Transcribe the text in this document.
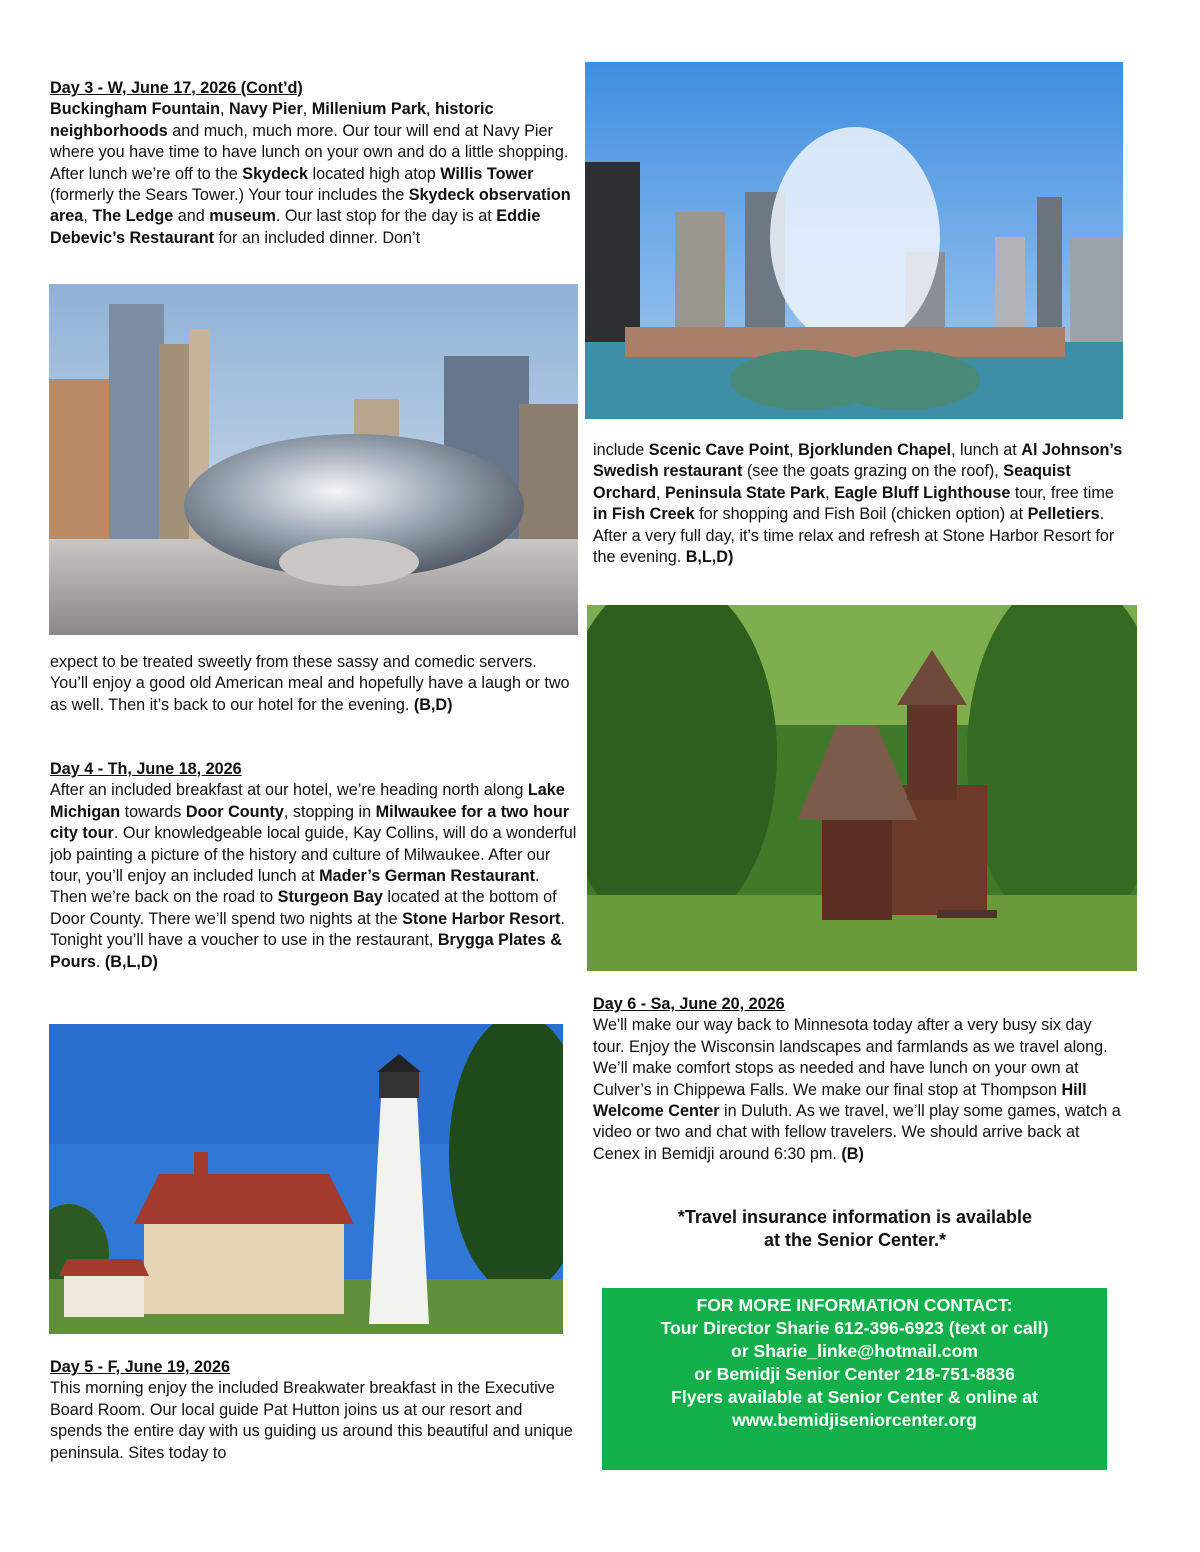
Day 3 - W, June 17, 2026 (Cont’d)
Buckingham Fountain, Navy Pier, Millenium Park, historic neighborhoods and much, much more. Our tour will end at Navy Pier where you have time to have lunch on your own and do a little shopping. After lunch we’re off to the Skydeck located high atop Willis Tower (formerly the Sears Tower.) Your tour includes the Skydeck observation area, The Ledge and museum. Our last stop for the day is at Eddie Debevic’s Restaurant for an included dinner. Don’t
expect to be treated sweetly from these sassy and comedic servers. You’ll enjoy a good old American meal and hopefully have a laugh or two as well. Then it’s back to our hotel for the evening. (B,D)
Day 4 - Th, June 18, 2026
After an included breakfast at our hotel, we’re heading north along Lake Michigan towards Door County, stopping in Milwaukee for a two hour city tour. Our knowledgeable local guide, Kay Collins, will do a wonderful job painting a picture of the history and culture of Milwaukee. After our tour, you’ll enjoy an included lunch at Mader’s German Restaurant. Then we’re back on the road to Sturgeon Bay located at the bottom of Door County. There we’ll spend two nights at the Stone Harbor Resort. Tonight you’ll have a voucher to use in the restaurant, Brygga Plates & Pours. (B,L,D)
Day 5 - F, June 19, 2026
This morning enjoy the included Breakwater breakfast in the Executive Board Room. Our local guide Pat Hutton joins us at our resort and spends the entire day with us guiding us around this beautiful and unique peninsula. Sites today to
include Scenic Cave Point, Bjorklunden Chapel, lunch at Al Johnson’s Swedish restaurant (see the goats grazing on the roof), Seaquist Orchard, Peninsula State Park, Eagle Bluff Lighthouse tour, free time in Fish Creek for shopping and Fish Boil (chicken option) at Pelletiers. After a very full day, it’s time relax and refresh at Stone Harbor Resort for the evening. B,L,D)
Day 6 - Sa, June 20, 2026
We'll make our way back to Minnesota today after a very busy six day tour. Enjoy the Wisconsin landscapes and farmlands as we travel along. We’ll make comfort stops as needed and have lunch on your own at Culver’s in Chippewa Falls. We make our final stop at Thompson Hill Welcome Center in Duluth. As we travel, we’ll play some games, watch a video or two and chat with fellow travelers. We should arrive back at Cenex in Bemidji around 6:30 pm. (B)
*Travel insurance information is available
at the Senior Center.*
FOR MORE INFORMATION CONTACT:
Tour Director Sharie 612-396-6923 (text or call)
or Sharie_linke@hotmail.com
or Bemidji Senior Center 218-751-8836
Flyers available at Senior Center & online at
www.bemidjiseniorcenter.org
